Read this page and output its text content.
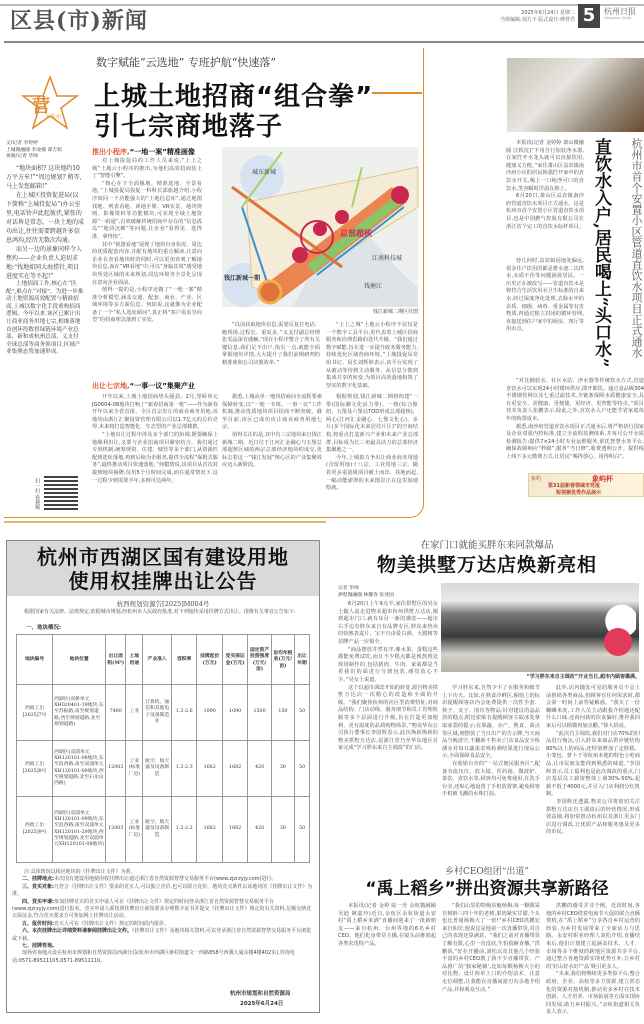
区县(市)新闻	2025年6月24日 星期二
当班编辑:刘方丰 版式设计:傅誉君 5	杭州日报
Hangzhou Daily
营
在杭州
数字赋能“云选地” 专班护航“快速落”
上城土地招商“组合拳”
引七宗商地落子
文/记者 李婷婷
上城微融圈 李凌楠 谭吉娟
视频/记者 华帅

“地块面积? 这块地约10万平方米!”“周边规划? 稍等,马上发您邮箱!”

在上城区投资促进局(以下简称“上城投促局”)办公室里,电话铃声此起彼伏,紧张的对话皆是常态。一块土地的成功出让,往往需要跨越许多信息鸿沟,经历无数次沟通。

而另一边的景象同样令人焦灼——企业负责人迫切求地:“找地如同大海捞针,项目进度实在等不起!”

土地招商工作,核心在“匹配”,难点在“对接”。为进一步推动土地资源高效配置与精准招商,上城以数字化手段重构招商逻辑。今年以来,该区已累计出让商业商务用地七宗,相继落地首创环投数智绿链环境产业总部、新和成杭州总部、义支付全球总部等商务领项目,区域产业集聚态势加速形成。

扫一扫 看视频
推出小程序,“一地一案”精准画像

对上城投促局的工作人员来说,“上上之城”土地云小程序的推出,为他们高效招商装上了“智能引擎”。

“核心在于全面匯地、精准选地、全景看地。”上城投促局投促一科科长邵旅越介绍,小程序如同一个功能强大的“土地信息库”,通过地图找地、列表看地、读地手册、VR实景、地块规则、影像资料等功能模块,可实现全域土地资源“一码通”,有效破解传统招商中存在的“信息孤岛”“地块沉睡”等问题,让企业“看得见、选得准、拿得快”。

其中“视图看地”展现了地块自身状况、周边的优质配套内容,并配有地块的重点解读,让意向企业在查看地块时的同时,可以更加直观了解地块信息,而在“VR看地”中,可以“身临其境”感受地块所处区域的未来规划,周边环境等全景化呈现在意向企业面前。

值得一提的是,小程序还做了“一地一案”精准分析模型,涵盖交通、配套、商业、产业、区域环境等多方面信息。何如说,这就像为企业配备了一个“私人选址顾问”,真正将“客户需求导向型”的招商理念落到了实处。

城东新城
钱江新城一期
江南科技城
钱塘江
总部超核
钱江新城二期区位图

“以前获取地块信息,需要反复打电话、跑现场,过程长、重复多。”义支付副总经理张雯晶深有感触,“现在小程序整合了所有关键信息,我们足不出户,指尖一点,就能全面掌握地块详情,大大提升了我们前期研判的精准度和公司决策效率。”

“上上之城”土地云小程序不仅仅是一个数字工具平台,更代表着上城区招商服务和治理思路的迭代升级。“我们通过数字赋能,旨在进一步提升政务服务能力,持续优化区域营商环境。”上城投促局党组书记、局长刘辉婷表示,该平台实现了从被动等待到主动服务、从信息分散到集成共享的转变,为项目高效落地构筑了坚实的数字化基础。

出让七宗地,“一事一议”集聚产业

开年以来,上城土地招商势头强劲。2月,望峤单元JG0604-08地块打响了“新春招商第一枪”——作为新春开年以来全省首批、全区首宗出让的商业商务用地,该地块由浙江汇聚投资管理有限公司以1.7亿元的总价竞得,未来将打造智能化、生态型的产业总部楼群。

“土地出让过程中涉及多个部门的协调,既要确保土地顺利出让,又要与企业招商项目紧密结合。我们通过专班机制,统筹规资、住建、城管等多个部门,从资源匹配到选址落地,再到后续为企服务,提供全流程“保姆式服务”,最终推动项目快速落地。”何叡情说,该项目从首次对接到地块摘牌,仅用5个月时间完成,而在通常情况下,这一过程少则需要半年,多则可达两年。

据悉,上城从单一地块招商向全流程要素保障转变,以“一地一专班、一事一议”工作机制,推动优质地块项目招商不断突破。截至目前,该区已成功出让商业商务用地七宗。

值得关注的是,其中有三宗地块来自钱江新城二期。近日位于江河汇金融心与五堡总部超核区域的两宗总部经济地块约成交,更标志着这一“钱江发展”核心区的产业集聚效应迈入新阶段。

根据规划,钱江新城二期将构建“一带(国际潮文化活力带)、一核(综合枢纽、五堡及六堡站TOD形成总部超核)、两心(江河汇金融心、七堡文化心)、多片(多个国际化未来居住片区)”的空间结构,将重点打造新兴产业和未来产业总部群,目标成为长三角最具活力的总部经济集聚地之一。

今年,上城拟力争出让商业商务用地(含留用地)十八宗、工业用地三宗。随着更多重量级项目破土而出、扶地而起,一幅动能澎湃的未来图景正在这里加速绘就。

直饮水入户,居民喝上“头口水”	杭州市首个安置小区管道直饮水项目正式通水

本报讯(记者 金婷婷 萧山微融圈 汪轶沈)“不用自行加装净水器,在家拧开水龙头就可以直接饮用,健康又方便。”家住萧山区益农镇南沙府小区的居民韩强拧开家中的直饮水开关,喝上一口纯净可口的直饮水,笑容瞬时洋溢在脸上。

6月20日,萧山区益农镇南沙府管道直饮水项目正式通水。这是杭州市首个安置小区管道直饮水项目,也是中国燃气控股有限公司在浙江省个完工的直饮水标杆项目。

曾几何时,益农镇因地处偏远,很多住户饮用的都是蓄水池二次供水,水质不佳等问题困扰居民。一历史正在被改写——管道直饮水是将符合生活饮用水卫生标准的自来水,经过深度净化处理,去除水中的杂质、细菌、病毒、重金属等有害物质,再通过独立封闭的循环管网,直接送到住户家中的厨房、客厅等用水点。

“对比桶装水、社区水站、净水器等传统饮水方式,管道直饮水可以实现24小时循环供应,即开即饮。通过食品级304不锈钢管网以及七重过滤技术,全链条保障水质健康安全,具有更安全、更健康、更便捷、更经济、更智能等特点。”项目技术负责人张鹏表示,除此之外,直饮水入户还能节省家庭每年的购置成本。

据悉,南沙府管道直饮水项目正式通水后,将严格执行国家及企业双重内控标准,建立全流程监测体系,并每月公开水质检测报告;提供7×24小时专业运维服务,依托智慧水务平台,确保故障响应“秒级”,服务“当日修”,收费透明公开。提供线上线下多元缴费方式,让居民“喝得放心、用得明白”。

象屿	象屿杯
第31届新春领域市党报
短视频优秀作品展示
杭州市西湖区国有建设用地
使用权挂牌出让公告
杭西规划资源告[2025]M004号
根据国家有关法律、法规规定,依据城市规划,经杭州市人民政府批准,对下列地块采用挂牌方式出让。现将有关事宜公告如下:
一、地块概况:
地块编号	地块位置	出让面积(M²)	土地用途	产业准入	容积率	挂牌起价(万元)	竞买保证金(万元)	固定资产投资强度(万元/亩)	亩均年税收(万元/亩)	出让年期
西政工出[2025]7号	西湖区(双桥单元XH020401-19地块,东至苏振路,南至规划道路,西至规划道路,北至规划道路)	7460	工业	计算机、通信和其他电子设备制造业	1.2-2.6	1090	1090	1500	150	50
西政工出[2025]8号	西湖区(双浦单元XH120101-08地块,东至浪西路,南至双浦单元XH120101-09地块,西至规划道路,北至石龙山西路)	12003	工业(标准厂房)	航空、航天器及设备制造	1.2-2.3	1682	1682	420	30	50
西政工出[2025]9号	西湖区(双浦单元XH120101-09地块,东至浪西路,南至双浦单元XH120101-29地块,西至规划道路,北至双浦单元XH120101-08地块)	12003	工业(标准厂房)	航空、航天器及设备制造	1.2-2.2	1682	1682	420	30	50
注:具体情况以相应地块的《挂牌出让文件》为准。
二、挂牌地点:本次国有建设用地使用权挂牌出让通过浙江省自然资源智慧交易服务平台(www.zjzrzyjy.com)进行。
三、竞买对象:凡符合《挂牌出让文件》要求的竞买人,可以独立竞价,也可以联合竞价。地块竞买条件以该地块的《挂牌出让文件》为准。
四、竞买申请:参加挂牌竞买的竞买申请人可在《挂牌出让文件》规定的时间登录浙江省自然资源智慧交易服务平台(www.zjzrzyjy.com)进行报名。竞买申请人须按照挂牌出让须知要求办理数字证书并提交《挂牌出让文件》规定的有关资料,足额交纳竞买保证金,符合竞买要求方可参加网上挂牌出让活动。
五、报价时间:竞买人可在《挂牌出让文件》规定的时间段内报价。
六、本次挂牌出让详细资料请参阅挂牌出让文件。《挂牌出让文件》及地块相关资料,可以登录浙江省自然资源智慧交易服务平台浏览或下载。
七、挂牌咨询。
现场咨询地点设在杭州市规划和自然资源局西湖分局(杭州市西湖区蒋村街道文一西路858号西溪大厦东楼4楼402室),咨询电话:0571-89511105,0571-89511110。
杭州市规划和自然资源局
2025年6月24日
在家门口就能买胖东来同款爆品
物美拱墅万达店焕新亮相
记者 华帅
拱墅微融圈 林馨春 张述国
“学习胖东来自主调改”开业当日,超市内顾客爆满。

6月20日上午9点半,家住拱墅区的吴女士随人流走进物美超市杭州拱墅万达店,刚到超市门口,就有耳目一新的感觉——超市右手边有胖东来自有品牌专区,胖东来热卖的快熟表麦片、宝丰自由爱白酒、大膜树等招牌产品一应俱全。

“商品摆放井然有序,像水果、蛋糕这些都能免费试吃,而且不少糕点都是现熬现处现场制作的,包括猪肉、牛肉、家禽都是当着我们的面进行分割包装,感觉放心不少。”吴女士说道。

这个以超市调改开始的转变,源自物美拱墅万达店一次精心的改造和全面的升级。“我们聚焦杭州的社区型消费特征,对商品结构、门店动线、服务细节和员工管理机制等多个层面进行升级,旨在打造更加便利、更有温度的品质购物场景。”物美华东公司执行董事长李国辉表示,此次焕新焕新的物美拱墅万达店,是浙江省乃至华东地区首家完成“学习胖东来自主调改”的门店。

学习胖东来,自然少不了在服务和细节上下功夫。比如,在熟食冷鲜区,橱窗上的标识提醒顾客店内会免费提供一次性手套、筷子、叉子、围巾等物品;针对建议的晶品放的糕点,附近张贴有提醒顾客主取冰处拿取冰袋的提示;在果蔬、水产、熟食、面点等区域,则摆放了当日出产的告示牌,当天商品当晚清空,不翻新不售卖;门店食品安全检测室对每日蔬果农残检测结果进行现品公示,全面保障食品安全。

在收银台旁的“一站式便民服务区”,配备有血压仪、放大镜、医药箱、微波炉、茶饮、直饮水等,顾客均可免费使用,在洗手台旁,还贴心地设置了手机放置架,避免顾客手机被飞溅的水珠打湿。

此外,店内随处可见的服务员不会上前推销各类商品,但顾客有任何需求时,都会第一时间上前答疑解惑。“我买了一份螺蛳米皮,工作人员主动跟我介绍地还配什么口味,还询问我的饮食偏好,推荐我回家后可以稍微再加点醋。”徐大妈说。

“此次自主调改,我们对门店70%的旧品进行淘汰,引入胖东来商品供应链结构80%以上的商品,还特别增加了定胜糕、小笼包、萝卜干等杭州本地的特色小吃商品,让市民朋友能找到熟悉的味道。”李国辉表示,员工福利也是此次调改的重点,门店基层员工薪资整体上调30%-50%,起薪不低于4000元,并引入门店利润分红机制。

李国辉还透露,物美公司将密切关注拱墅万达店自主调改后的经营情况,形成效益圈,将加快推动杭州以及浙江更多门店进行调改,让优质产品和服务惠及更多的市民。

乡村CEO组团“出道”
“禹上稻乡”拼出资源共享新路径

本报讯(记者 金婷 陆一舟 余杭微融圈 吴迪 姚嘉玲)近日,余杭区余杭街道永安村“禹上稻乡米酒”直播间迎来了一批新朋友——来自杭州、台州等地的6名乡村CEO。他们化身带货主播,在镜头前推销起各类农优特产品。

“我们山里的特级东魁杨梅,每一颗都采自树龄三四十年的老树,果肉紧实甘甜,个头也比普通杨梅大了一倍!”乡村CEO洪鹏宏来自仙居,他说这是他第一次直播带货,对自己的表现还算满意。“我们之前对直播带货了解有限,心里一直没底,生怕搞砸直播。”洪鹏说,“好在开播前,刘松以及其他几个经验丰富的乡村CEO教了我不少直播带货、产品推广的‘独家秘籍’,比如每颗杨梅大小的对比物、设计简单上口的介绍话术、注意走位调整,让我能在直播间游刃有余地介绍产品,并和观众互动。”

洪鹏的感受并非个例。近段时间,各地的乡村CEO借着电商节大促的联合直播契机,在“禹上稻乡”分享各自乡村运营的经验,为乡村发展带来了全新活力与思路。永安村职业经理人刘松介绍,直播结束后,他们计划建立起涵盖技术、人才、市场等多个维度的跨地区资源共享平台,通过整合各地资源实现优势互补,让乡村的‘好山好水好产品’吸引更多人。

“未来,我们将继续更多类似平台,整合政府、企业、高校等多方资源,建立常态化的资源对接机制,推动更多乡村在技术创新、人才培养、市场拓展等方面实现协同发展,助力乡村振兴。”余杭街道相关负责人表示。
